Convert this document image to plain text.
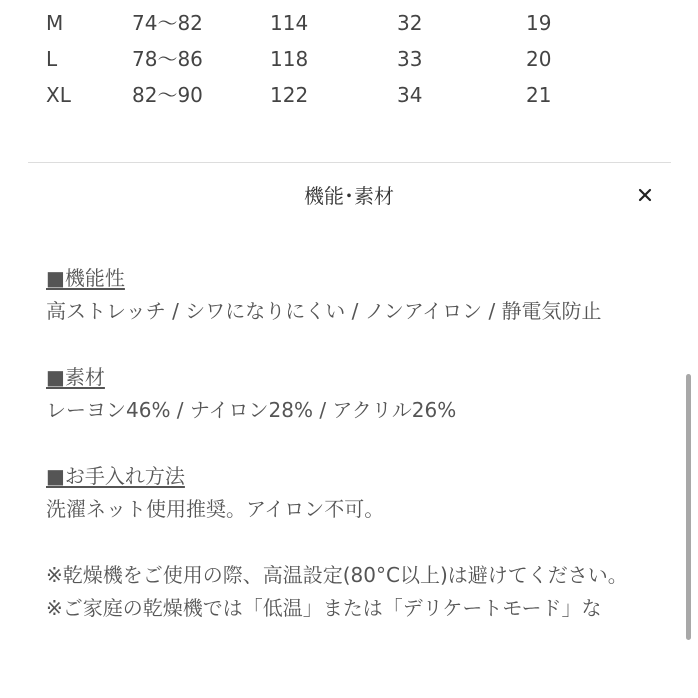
M	74〜82	114	32	19
L	78〜86	118	33	20
XL	82〜90	122	34	21
機能･素材

■機能性

高ストレッチ / シワになりにくい / ノンアイロン / 静電気防止

■素材

レーヨン46% / ナイロン28% / アクリル26%

■お手入れ方法

洗濯ネット使用推奨。アイロン不可。

※乾燥機をご使用の際、高温設定(80°C以上)は避けてください。

※ご家庭の乾燥機では「低温」または「デリケートモード」な
